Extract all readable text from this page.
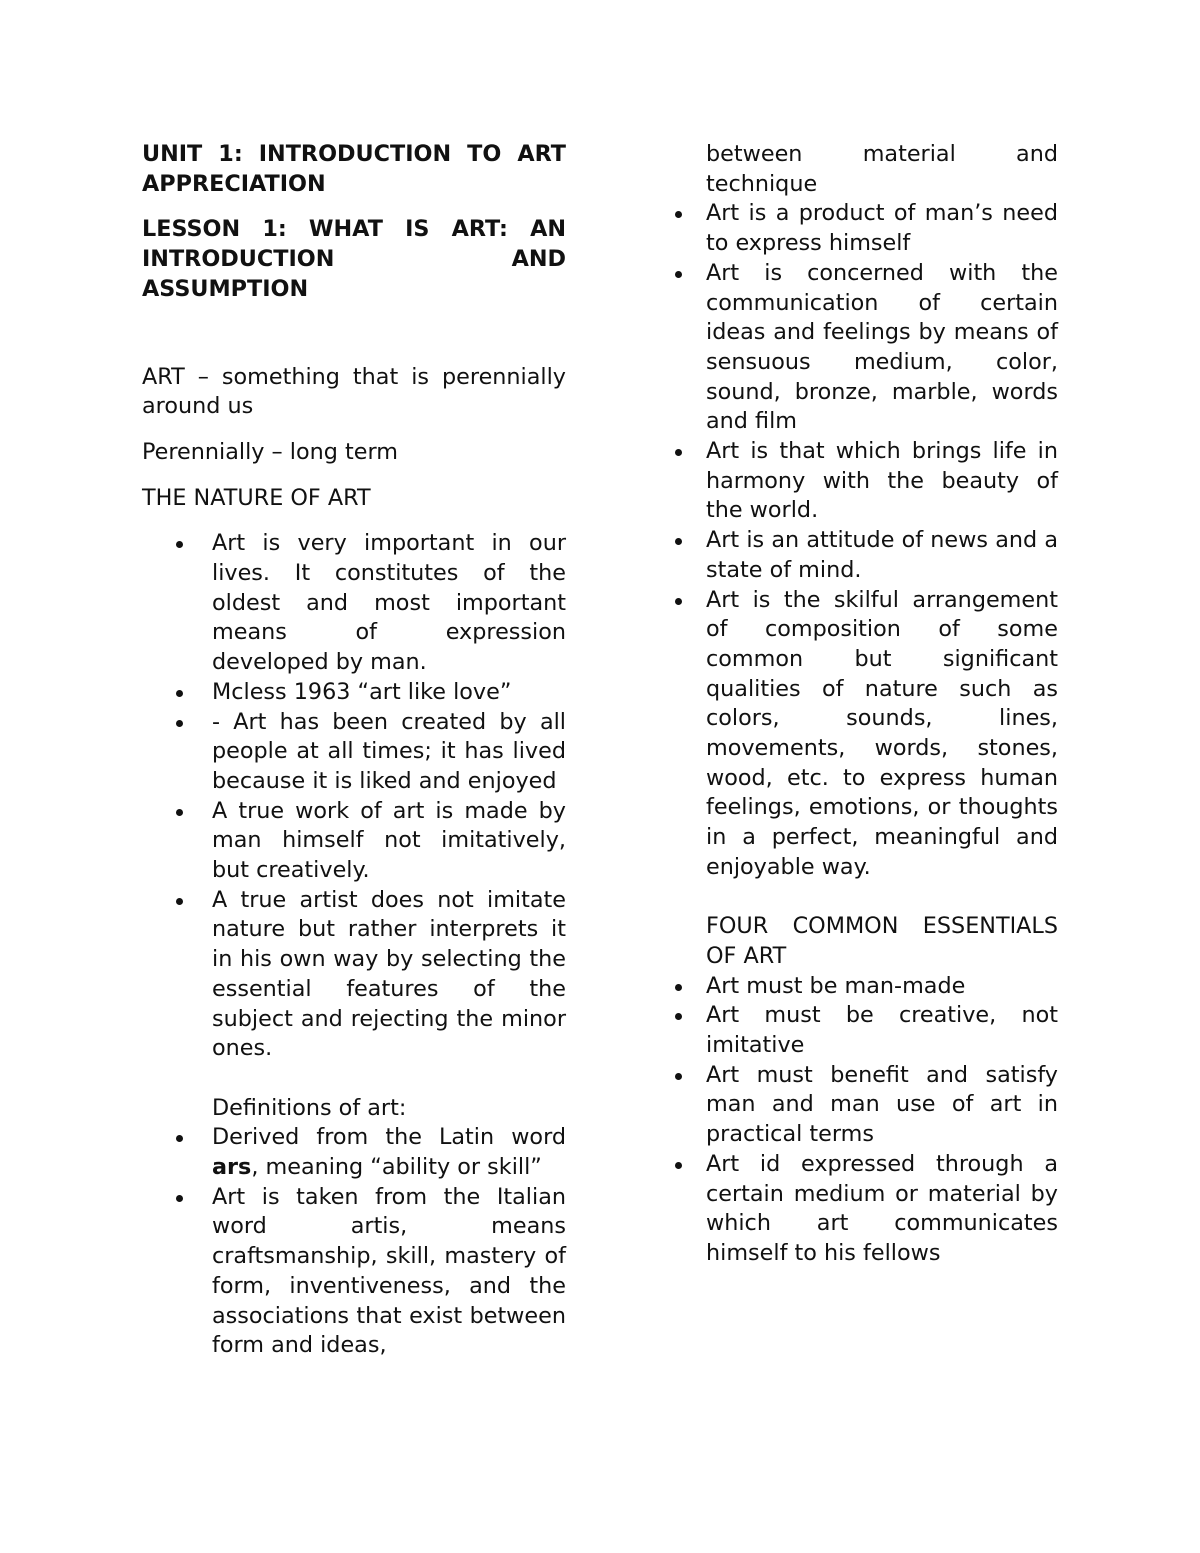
UNIT 1: INTRODUCTION TO ART APPRECIATION

LESSON 1: WHAT IS ART: AN INTRODUCTION AND ASSUMPTION

ART – something that is perennially around us

Perennially – long term

THE NATURE OF ART

Art is very important in our lives. It constitutes of the oldest and most important means of expression developed by man.
Mcless 1963 “art like love”
- Art has been created by all people at all times; it has lived because it is liked and enjoyed
A true work of art is made by man himself not imitatively, but creatively.
A true artist does not imitate nature but rather interprets it in his own way by selecting the essential features of the subject and rejecting the minor ones.

Definitions of art:

Derived from the Latin word ars, meaning “ability or skill”
Art is taken from the Italian word artis, means craftsmanship, skill, mastery of form, inventiveness, and the associations that exist between form and ideas,

between material and technique

Art is a product of man’s need to express himself
Art is concerned with the communication of certain ideas and feelings by means of sensuous medium, color, sound, bronze, marble, words and film
Art is that which brings life in harmony with the beauty of the world.
Art is an attitude of news and a state of mind.
Art is the skilful arrangement of composition of some common but significant qualities of nature such as colors, sounds, lines, movements, words, stones, wood, etc. to express human feelings, emotions, or thoughts in a perfect, meaningful and enjoyable way.

FOUR COMMON ESSENTIALS OF ART

Art must be man-made
Art must be creative, not imitative
Art must benefit and satisfy man and man use of art in practical terms
Art id expressed through a certain medium or material by which art communicates himself to his fellows
